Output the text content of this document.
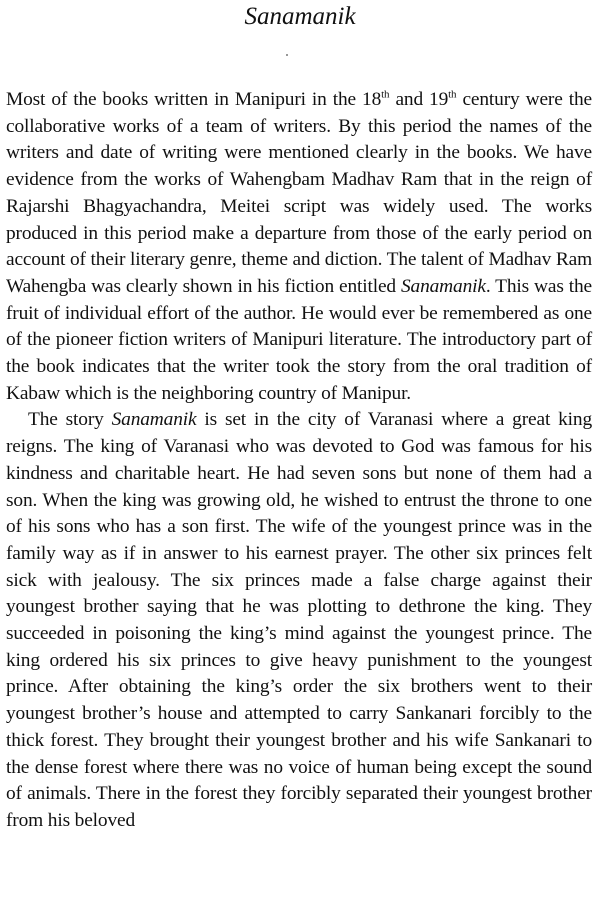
Sanamanik

Most of the books written in Manipuri in the 18th and 19th century were the collaborative works of a team of writers. By this period the names of the writers and date of writing were mentioned clearly in the books. We have evidence from the works of Wahengbam Madhav Ram that in the reign of Rajarshi Bhagyachandra, Meitei script was widely used. The works produced in this period make a departure from those of the early period on account of their literary genre, theme and diction. The talent of Madhav Ram Wahengba was clearly shown in his fiction entitled Sanamanik. This was the fruit of individual effort of the author. He would ever be remembered as one of the pioneer fiction writers of Manipuri literature. The introductory part of the book indicates that the writer took the story from the oral tradition of Kabaw which is the neighboring country of Manipur.

The story Sanamanik is set in the city of Varanasi where a great king reigns. The king of Varanasi who was devoted to God was famous for his kindness and charitable heart. He had seven sons but none of them had a son. When the king was growing old, he wished to entrust the throne to one of his sons who has a son first. The wife of the youngest prince was in the family way as if in answer to his earnest prayer. The other six princes felt sick with jealousy. The six princes made a false charge against their youngest brother saying that he was plotting to dethrone the king. They succeeded in poisoning the king’s mind against the youngest prince. The king ordered his six princes to give heavy punishment to the youngest prince. After obtaining the king’s order the six brothers went to their youngest brother’s house and attempted to carry Sankanari forcibly to the thick forest. They brought their youngest brother and his wife Sankanari to the dense forest where there was no voice of human being except the sound of animals. There in the forest they forcibly separated their youngest brother from his beloved
